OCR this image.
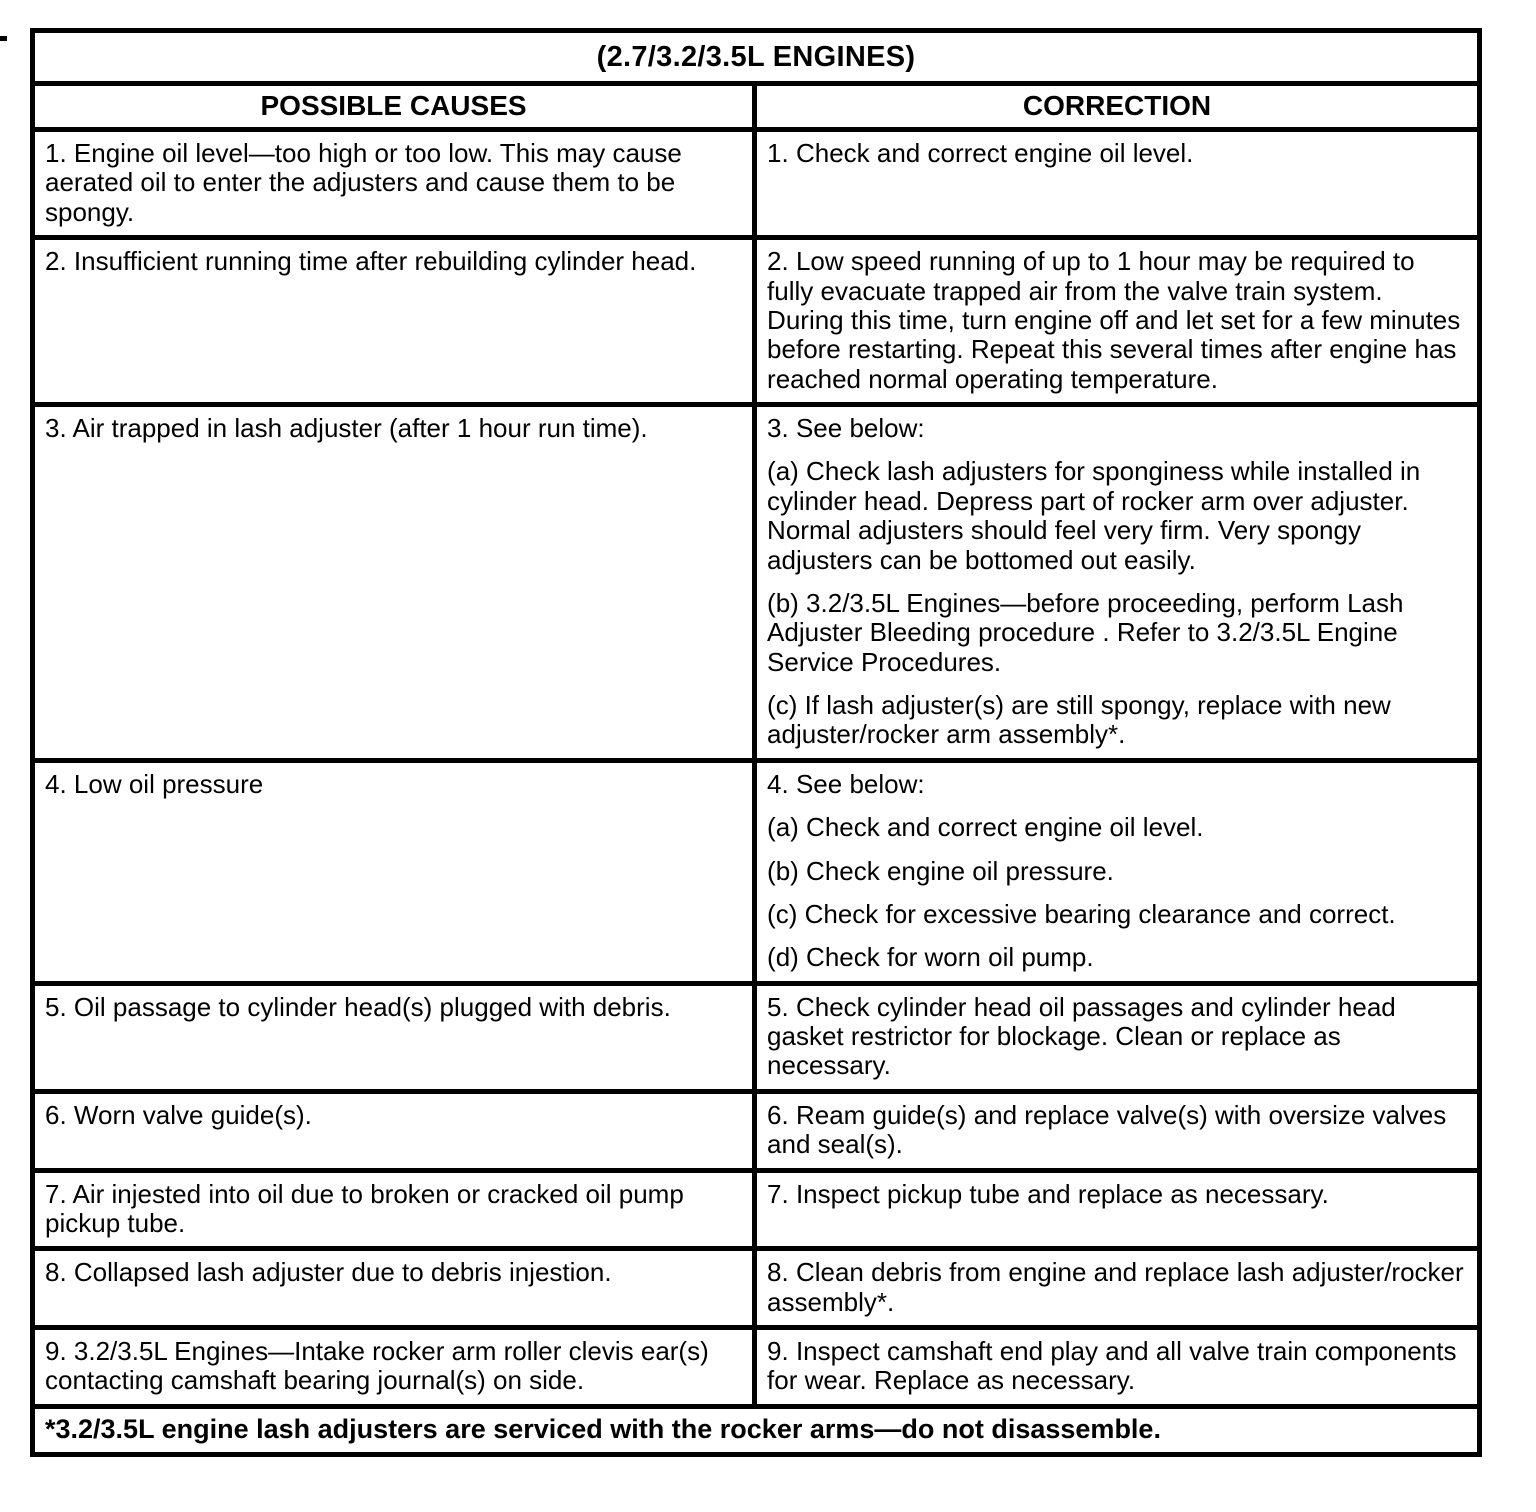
(2.7/3.2/3.5L ENGINES)	
POSSIBLE CAUSES	CORRECTION

1. Engine oil level—too high or too low. This may cause aerated oil to enter the adjusters and cause them to be spongy.	1. Check and correct engine oil level.

2. Insufficient running time after rebuilding cylinder head.	2. Low speed running of up to 1 hour may be required to fully evacuate trapped air from the valve train system. During this time, turn engine off and let set for a few minutes before restarting. Repeat this several times after engine has reached normal operating temperature.

3. Air trapped in lash adjuster (after 1 hour run time).	3. See below:

(a) Check lash adjusters for sponginess while installed in cylinder head. Depress part of rocker arm over adjuster. Normal adjusters should feel very firm. Very spongy adjusters can be bottomed out easily.

(b) 3.2/3.5L Engines—before proceeding, perform Lash Adjuster Bleeding procedure . Refer to 3.2/3.5L Engine Service Procedures.

(c) If lash adjuster(s) are still spongy, replace with new adjuster/rocker arm assembly*.

4. Low oil pressure	4. See below:

(a) Check and correct engine oil level.

(b) Check engine oil pressure.

(c) Check for excessive bearing clearance and correct.

(d) Check for worn oil pump.

5. Oil passage to cylinder head(s) plugged with debris.	5. Check cylinder head oil passages and cylinder head gasket restrictor for blockage. Clean or replace as necessary.

6. Worn valve guide(s).	6. Ream guide(s) and replace valve(s) with oversize valves and seal(s).

7. Air injested into oil due to broken or cracked oil pump pickup tube.	7. Inspect pickup tube and replace as necessary.

8. Collapsed lash adjuster due to debris injestion.	8. Clean debris from engine and replace lash adjuster/rocker assembly*.

9. 3.2/3.5L Engines—Intake rocker arm roller clevis ear(s) contacting camshaft bearing journal(s) on side.	9. Inspect camshaft end play and all valve train components for wear. Replace as necessary.

*3.2/3.5L engine lash adjusters are serviced with the rocker arms—do not disassemble.	
